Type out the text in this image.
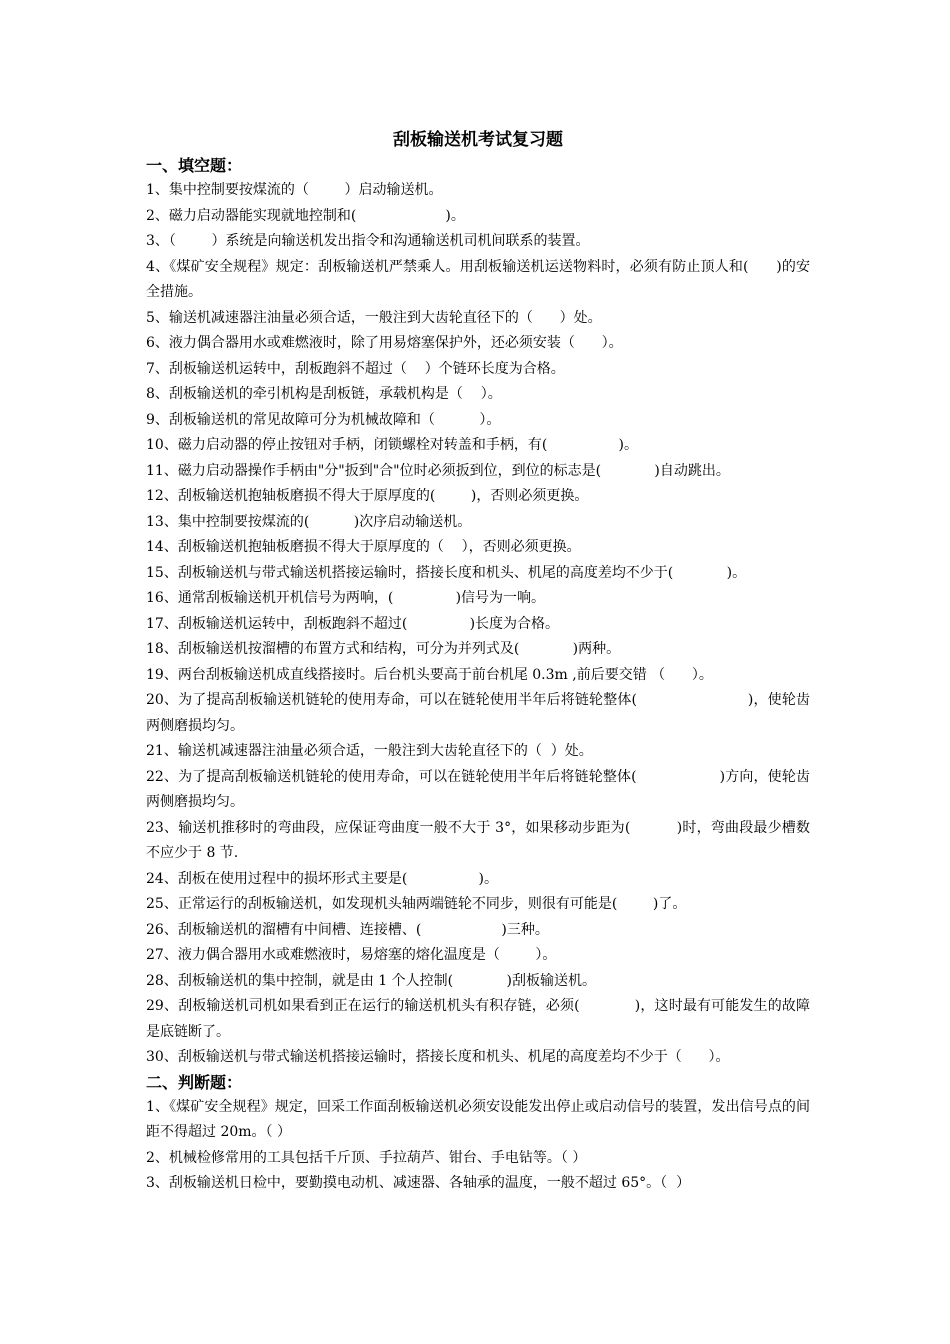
刮板输送机考试复习题
一、填空题：

1、集中控制要按煤流的（        ）启动输送机。

2、磁力启动器能实现就地控制和(                    )。

3、（        ）系统是向输送机发出指令和沟通输送机司机间联系的装置。

4、《煤矿安全规程》规定：刮板输送机严禁乘人。用刮板输送机运送物料时，必须有防止顶人和(      )的安全措施。

5、输送机减速器注油量必须合适，一般注到大齿轮直径下的（      ）处。

6、液力偶合器用水或难燃液时，除了用易熔塞保护外，还必须安装（      ）。

7、刮板输送机运转中，刮板跑斜不超过（    ）个链环长度为合格。

8、刮板输送机的牵引机构是刮板链，承载机构是（    ）。

9、刮板输送机的常见故障可分为机械故障和（          ）。

10、磁力启动器的停止按钮对手柄，闭锁螺栓对转盖和手柄，有(                )。

11、磁力启动器操作手柄由"分"扳到"合"位时必须扳到位，到位的标志是(            )自动跳出。

12、刮板输送机抱轴板磨损不得大于原厚度的(        )，否则必须更换。

13、集中控制要按煤流的(          )次序启动输送机。

14、刮板输送机抱轴板磨损不得大于原厚度的（    ），否则必须更换。

15、刮板输送机与带式输送机搭接运输时，搭接长度和机头、机尾的高度差均不少于(            )。

16、通常刮板输送机开机信号为两响，(              )信号为一响。

17、刮板输送机运转中，刮板跑斜不超过(              )长度为合格。

18、刮板输送机按溜槽的布置方式和结构，可分为并列式及(            )两种。

19、两台刮板输送机成直线搭接时。后台机头要高于前台机尾 0.3m ,前后要交错 （      ）。

20、为了提高刮板输送机链轮的使用寿命，可以在链轮使用半年后将链轮整体(                        )，使轮齿两侧磨损均匀。

21、输送机减速器注油量必须合适，一般注到大齿轮直径下的（  ）处。

22、为了提高刮板输送机链轮的使用寿命，可以在链轮使用半年后将链轮整体(                  )方向，使轮齿两侧磨损均匀。

23、输送机推移时的弯曲段，应保证弯曲度一般不大于 3°，如果移动步距为(          )时，弯曲段最少槽数不应少于 8 节.

24、刮板在使用过程中的损坏形式主要是(                )。

25、正常运行的刮板输送机，如发现机头轴两端链轮不同步，则很有可能是(        )了。

26、刮板输送机的溜槽有中间槽、连接槽、(                  )三种。

27、液力偶合器用水或难燃液时，易熔塞的熔化温度是（        ）。

28、刮板输送机的集中控制，就是由 1 个人控制(            )刮板输送机。

29、刮板输送机司机如果看到正在运行的输送机机头有积存链，必须(            )，这时最有可能发生的故障是底链断了。

30、刮板输送机与带式输送机搭接运输时，搭接长度和机头、机尾的高度差均不少于（      ）。

二、判断题：

1、《煤矿安全规程》规定，回采工作面刮板输送机必须安设能发出停止或启动信号的装置，发出信号点的间距不得超过 20m。（ ）

2、机械检修常用的工具包括千斤顶、手拉葫芦、钳台、手电钻等。（ ）

3、刮板输送机日检中，要勤摸电动机、减速器、各轴承的温度，一般不超过 65°。（  ）
